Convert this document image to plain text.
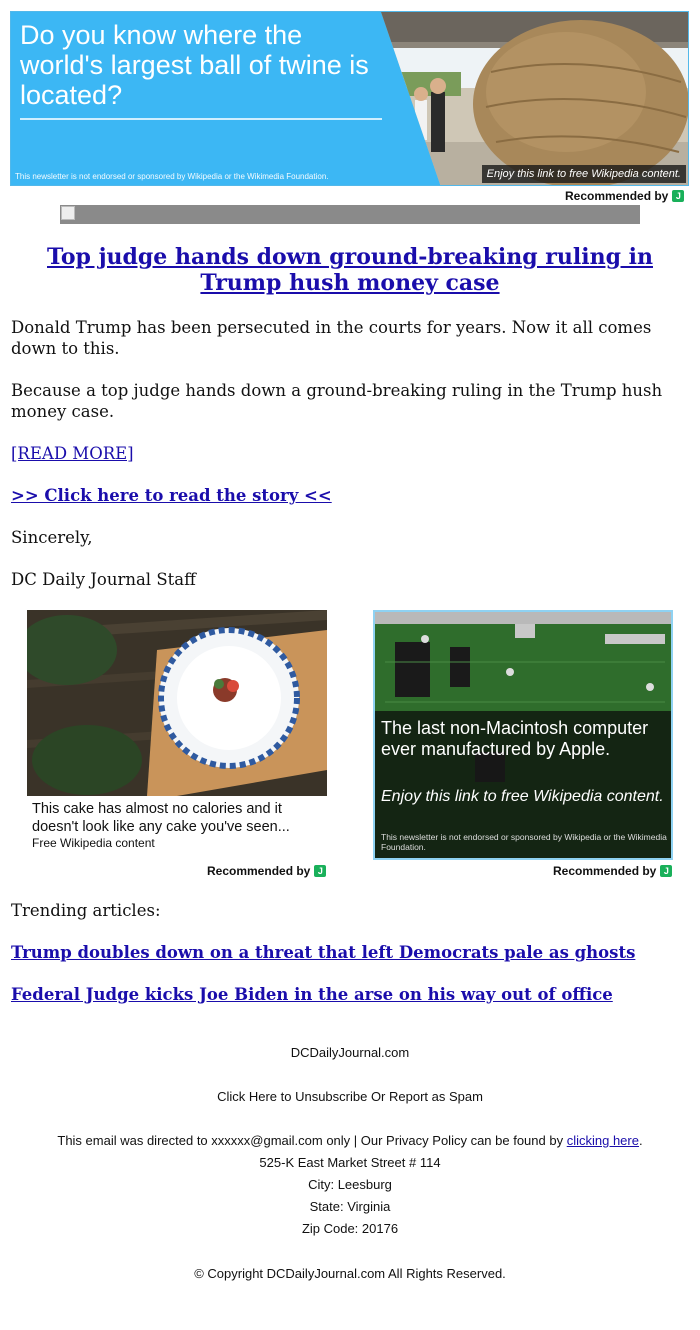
Do you know where the world's largest ball of twine is located?
This newsletter is not endorsed or sponsored by Wikipedia or the Wikimedia Foundation.	Enjoy this link to free Wikipedia content.
Recommended by J
Top judge hands down ground-breaking ruling in Trump hush money case
Donald Trump has been persecuted in the courts for years. Now it all comes down to this.
Because a top judge hands down a ground-breaking ruling in the Trump hush money case.
[READ MORE]
>> Click here to read the story <<
Sincerely,
DC Daily Journal Staff
This cake has almost no calories and it doesn't look like any cake you've seen...
Free Wikipedia content
Recommended by J
The last non-Macintosh computer ever manufactured by Apple.
Enjoy this link to free Wikipedia content.
This newsletter is not endorsed or sponsored by Wikipedia or the Wikimedia Foundation.
Recommended by J
Trending articles:
Trump doubles down on a threat that left Democrats pale as ghosts
Federal Judge kicks Joe Biden in the arse on his way out of office
DCDailyJournal.com
Click Here to Unsubscribe Or Report as Spam
This email was directed to xxxxxx@gmail.com only | Our Privacy Policy can be found by clicking here.
525-K East Market Street # 114
City: Leesburg
State: Virginia
Zip Code: 20176
© Copyright DCDailyJournal.com All Rights Reserved.
